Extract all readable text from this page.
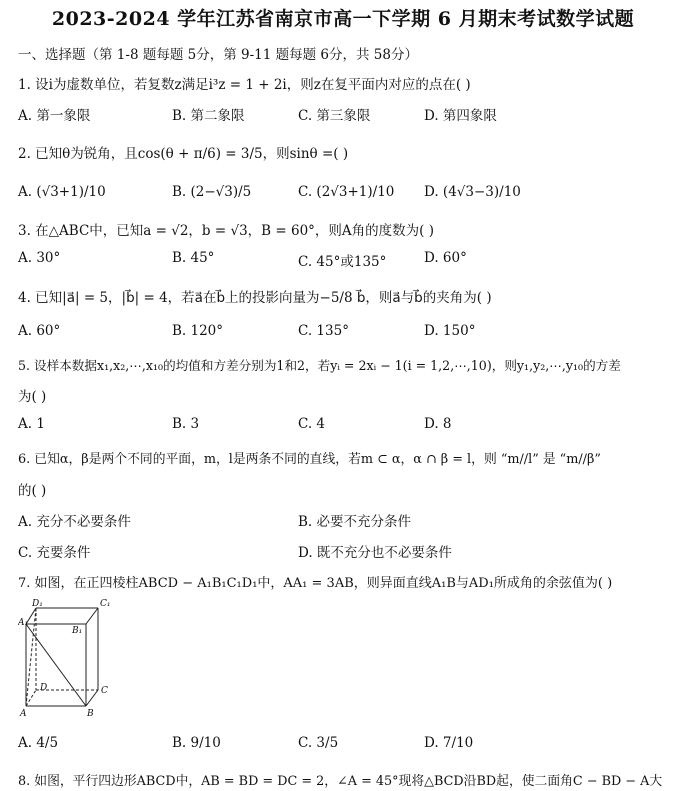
2023-2024 学年江苏省南京市高一下学期 6 月期末考试数学试题
一、选择题（第 1-8 题每题 5分，第 9-11 题每题 6分，共 58分）
1. 设i为虚数单位，若复数z满足i³z = 1 + 2i，则z在复平面内对应的点在( )
A. 第一象限	B. 第二象限	C. 第三象限	D. 第四象限
2. 已知θ为锐角，且cos(θ + π/6) = 3/5，则sinθ =( )
A. (√3+1)/10	B. (2−√3)/5	C. (2√3+1)/10 D. (4√3−3)/10
3. 在△ABC中，已知a = √2，b = √3，B = 60°，则A角的度数为( )
A. 30°	B. 45°	C. 45°或135°	D. 60°
4. 已知|a⃗| = 5，|b⃗| = 4，若a⃗在b⃗上的投影向量为−5/8 b⃗，则a⃗与b⃗的夹角为( )
A. 60°	B. 120°	C. 135°	D. 150°
5. 设样本数据x₁,x₂,⋯,x₁₀的均值和方差分别为1和2，若yᵢ = 2xᵢ − 1(i = 1,2,⋯,10)，则y₁,y₂,⋯,y₁₀的方差
为( )
A. 1	B. 3	C. 4	D. 8
6. 已知α，β是两个不同的平面，m，l是两条不同的直线，若m ⊂ α，α ∩ β = l，则 “m//l” 是 “m//β”
的( )
A. 充分不必要条件	B. 必要不充分条件
C. 充要条件	D. 既不充分也不必要条件
7. 如图，在正四棱柱ABCD − A₁B₁C₁D₁中，AA₁ = 3AB，则异面直线A₁B与AD₁所成角的余弦值为( )
D₁	C₁
A₁
B₁
D	C
A	B
A. 4/5	B. 9/10	C. 3/5	D. 7/10
8. 如图，平行四边形ABCD中，AB = BD = DC = 2，∠A = 45°现将△BCD沿BD起，使二面角C − BD − A大
